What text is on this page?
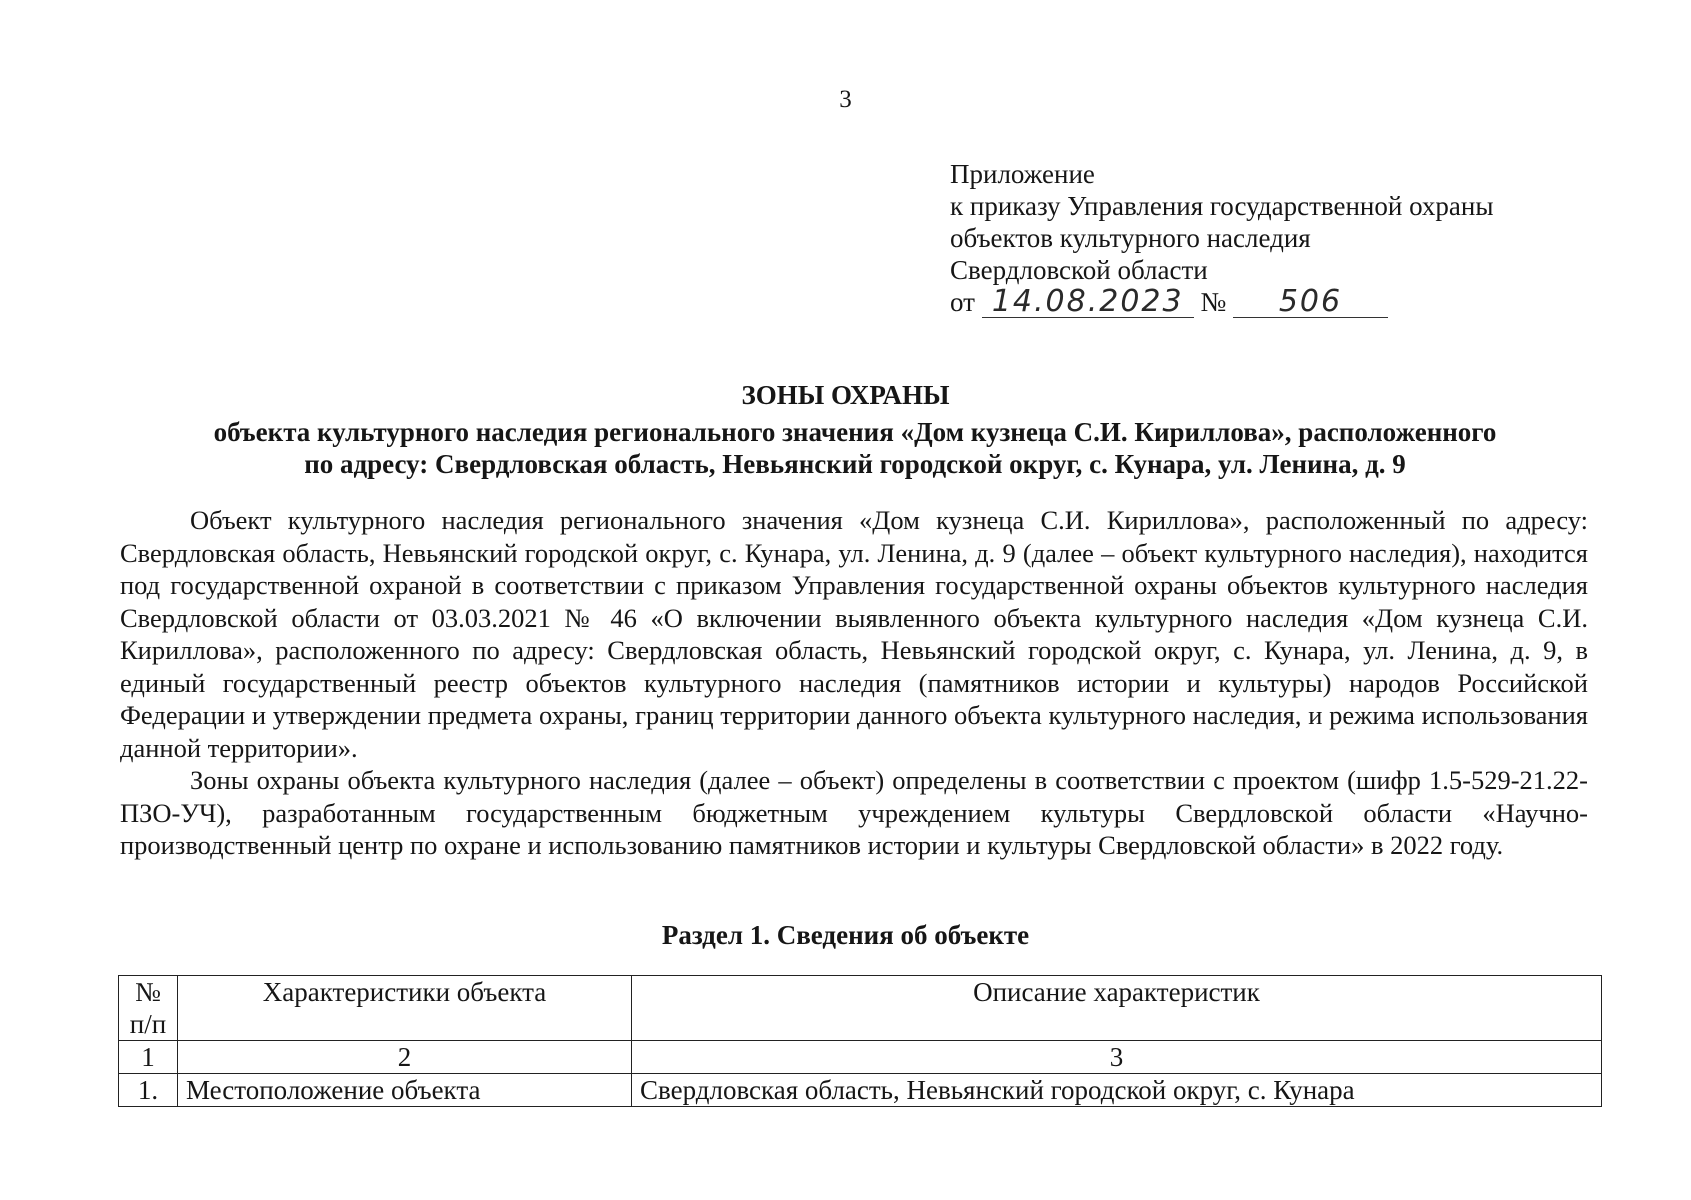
3
Приложение
к приказу Управления государственной охраны
объектов культурного наследия
Свердловской области
от 14.08.2023 № 506
ЗОНЫ ОХРАНЫ
объекта культурного наследия регионального значения «Дом кузнеца С.И. Кириллова», расположенного
по адресу: Свердловская область, Невьянский городской округ, с. Кунара, ул. Ленина, д. 9

Объект культурного наследия регионального значения «Дом кузнеца С.И. Кириллова», расположенный по адресу: Свердловская область, Невьянский городской округ, с. Кунара, ул. Ленина, д. 9 (далее – объект культурного наследия), находится под государственной охраной в соответствии с приказом Управления государственной охраны объектов культурного наследия Свердловской области от 03.03.2021 № 46 «О включении выявленного объекта культурного наследия «Дом кузнеца С.И. Кириллова», расположенного по адресу: Свердловская область, Невьянский городской округ, с. Кунара, ул. Ленина, д. 9, в единый государственный реестр объектов культурного наследия (памятников истории и культуры) народов Российской Федерации и утверждении предмета охраны, границ территории данного объекта культурного наследия, и режима использования данной территории».

Зоны охраны объекта культурного наследия (далее – объект) определены в соответствии с проектом (шифр 1.5-529-21.22-ПЗО-УЧ), разработанным государственным бюджетным учреждением культуры Свердловской области «Научно-производственный центр по охране и использованию памятников истории и культуры Свердловской области» в 2022 году.

Раздел 1. Сведения об объекте
№ п/п	Характеристики объекта	Описание характеристик
1	2	3
1.	Местоположение объекта	Свердловская область, Невьянский городской округ, с. Кунара
